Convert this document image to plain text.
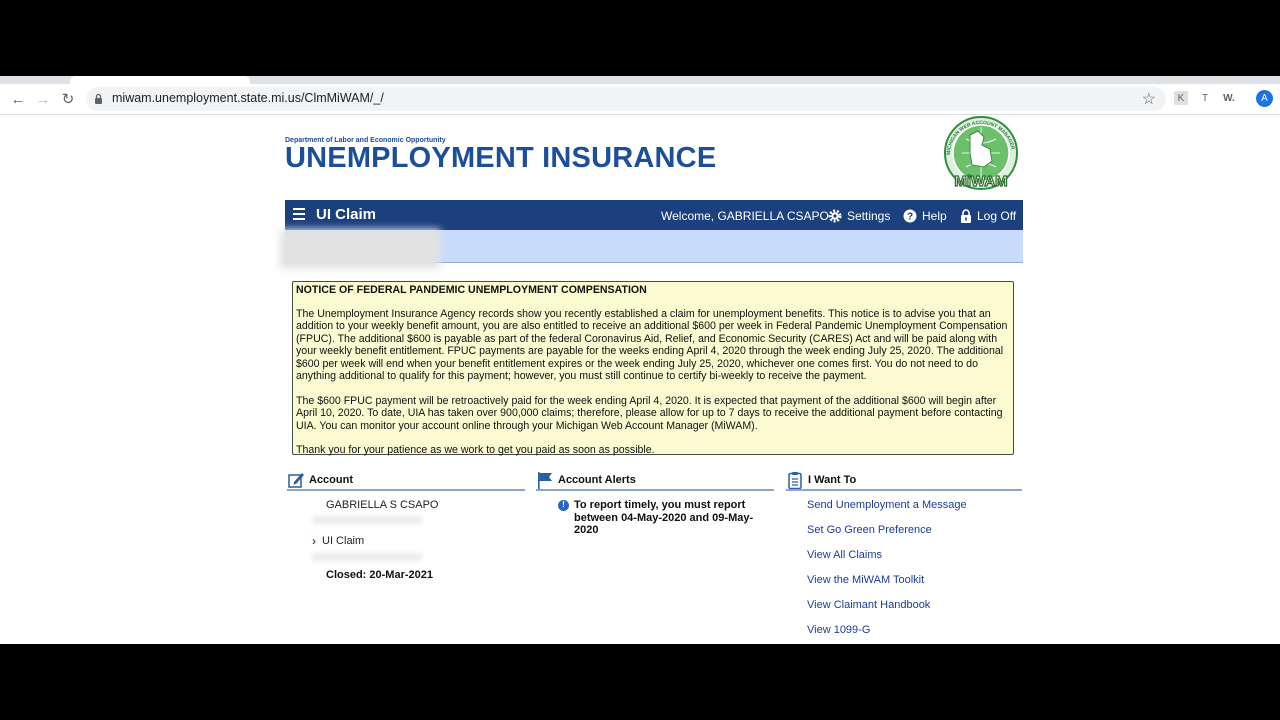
← → ↻	miwam.unemployment.state.mi.us/ClmMiWAM/_/	☆	K	T	W.	A
Department of Labor and Economic Opportunity
UNEMPLOYMENT INSURANCE	MICHIGAN WEB ACCOUNT MANAGER
MiWAM
UI Claim	Welcome, GABRIELLA CSAPO Settings ? Help	Log Off
NOTICE OF FEDERAL PANDEMIC UNEMPLOYMENT COMPENSATION

The Unemployment Insurance Agency records show you recently established a claim for unemployment benefits. This notice is to advise you that an addition to your weekly benefit amount, you are also entitled to receive an additional $600 per week in Federal Pandemic Unemployment Compensation (FPUC). The additional $600 is payable as part of the federal Coronavirus Aid, Relief, and Economic Security (CARES) Act and will be paid along with your weekly benefit entitlement. FPUC payments are payable for the weeks ending April 4, 2020 through the week ending July 25, 2020. The additional $600 per week will end when your benefit entitlement expires or the week ending July 25, 2020, whichever one comes first. You do not need to do anything additional to qualify for this payment; however, you must still continue to certify bi-weekly to receive the payment.

The $600 FPUC payment will be retroactively paid for the week ending April 4, 2020. It is expected that payment of the additional $600 will begin after April 10, 2020. To date, UIA has taken over 900,000 claims; therefore, please allow for up to 7 days to receive the additional payment before contacting UIA. You can monitor your account online through your Michigan Web Account Manager (MiWAM).

Thank you for your patience as we work to get you paid as soon as possible.

Account
GABRIELLA S CSAPO
› UI Claim
Closed: 20-Mar-2021
Account Alerts
! To report timely, you must report between 04-May-2020 and 09-May-2020
I Want To
Send Unemployment a Message
Set Go Green Preference
View All Claims
View the MiWAM Toolkit
View Claimant Handbook
View 1099-G
